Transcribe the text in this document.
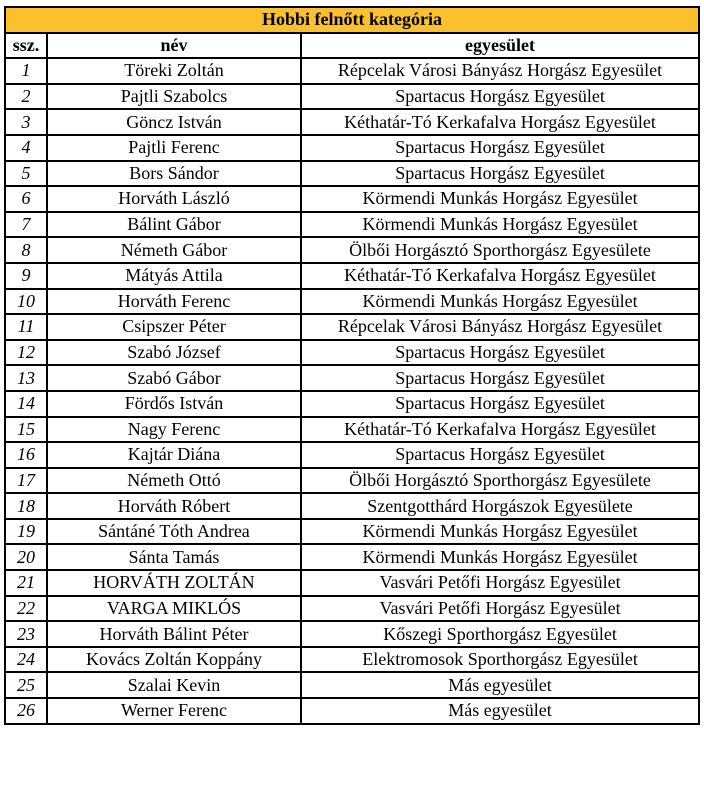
Hobbi felnőtt kategória		
ssz.	név	egyesület
1	Töreki Zoltán	Répcelak Városi Bányász Horgász Egyesület
2	Pajtli Szabolcs	Spartacus Horgász Egyesület
3	Göncz István	Kéthatár-Tó Kerkafalva Horgász Egyesület
4	Pajtli Ferenc	Spartacus Horgász Egyesület
5	Bors Sándor	Spartacus Horgász Egyesület
6	Horváth László	Körmendi Munkás Horgász Egyesület
7	Bálint Gábor	Körmendi Munkás Horgász Egyesület
8	Németh Gábor	Ölbői Horgásztó Sporthorgász Egyesülete
9	Mátyás Attila	Kéthatár-Tó Kerkafalva Horgász Egyesület
10	Horváth Ferenc	Körmendi Munkás Horgász Egyesület
11	Csipszer Péter	Répcelak Városi Bányász Horgász Egyesület
12	Szabó József	Spartacus Horgász Egyesület
13	Szabó Gábor	Spartacus Horgász Egyesület
14	Fördős István	Spartacus Horgász Egyesület
15	Nagy Ferenc	Kéthatár-Tó Kerkafalva Horgász Egyesület
16	Kajtár Diána	Spartacus Horgász Egyesület
17	Németh Ottó	Ölbői Horgásztó Sporthorgász Egyesülete
18	Horváth Róbert	Szentgotthárd Horgászok Egyesülete
19	Sántáné Tóth Andrea	Körmendi Munkás Horgász Egyesület
20	Sánta Tamás	Körmendi Munkás Horgász Egyesület
21	HORVÁTH ZOLTÁN	Vasvári Petőfi Horgász Egyesület
22	VARGA MIKLÓS	Vasvári Petőfi Horgász Egyesület
23	Horváth Bálint Péter	Kőszegi Sporthorgász Egyesület
24	Kovács Zoltán Koppány	Elektromosok Sporthorgász Egyesület
25	Szalai Kevin	Más egyesület
26	Werner Ferenc	Más egyesület
